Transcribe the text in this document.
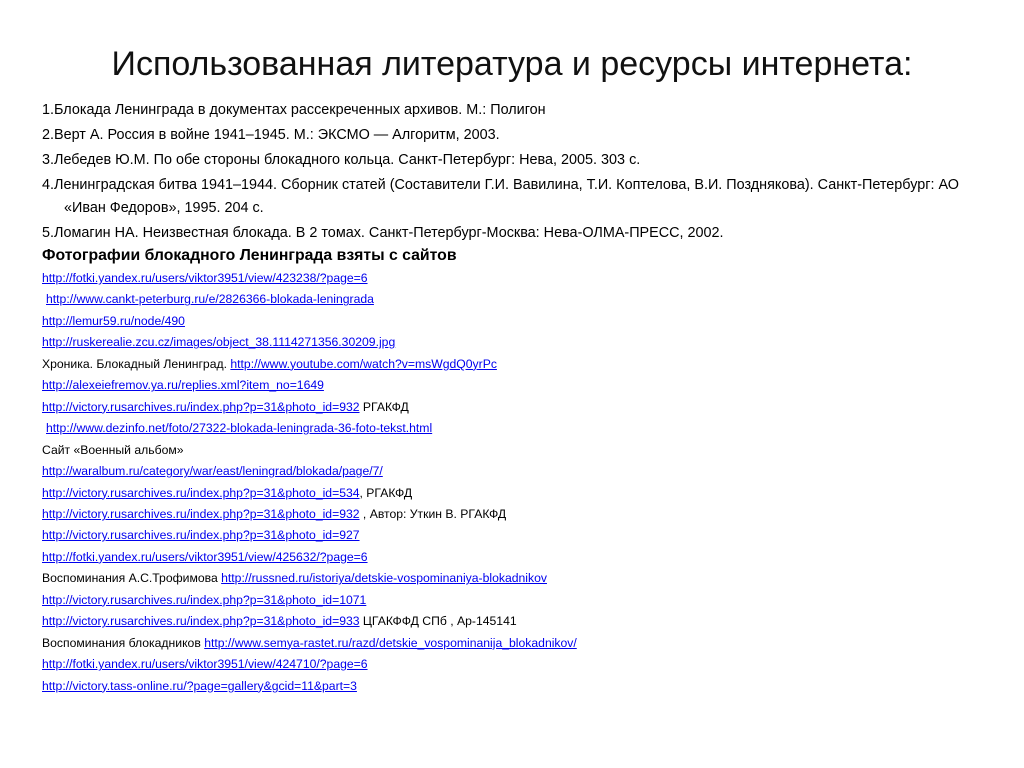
Использованная литература и ресурсы интернета:
1.Блокада Ленинграда в документах рассекреченных архивов. М.: Полигон
2.Верт А. Россия в войне 1941–1945. М.: ЭКСМО — Алгоритм, 2003.
3.Лебедев Ю.М. По обе стороны блокадного кольца. Санкт-Петербург: Нева, 2005. 303 с.
4.Ленинградская битва 1941–1944. Сборник статей (Составители Г.И. Вавилина, Т.И. Коптелова, В.И. Позднякова). Санкт-Петербург: АО «Иван Федоров», 1995. 204 с.
5.Ломагин НА. Неизвестная блокада. В 2 томах. Санкт-Петербург-Москва: Нева-ОЛМА-ПРЕСС, 2002.
Фотографии блокадного Ленинграда взяты с сайтов
http://fotki.yandex.ru/users/viktor3951/view/423238/?page=6
http://www.cankt-peterburg.ru/e/2826366-blokada-leningrada
http://lemur59.ru/node/490
http://ruskerealie.zcu.cz/images/object_38.1114271356.30209.jpg
Хроника. Блокадный Ленинград. http://www.youtube.com/watch?v=msWgdQ0yrPc
http://alexeiefremov.ya.ru/replies.xml?item_no=1649
http://victory.rusarchives.ru/index.php?p=31&photo_id=932 РГАКФД
http://www.dezinfo.net/foto/27322-blokada-leningrada-36-foto-tekst.html
Сайт «Военный альбом»
http://waralbum.ru/category/war/east/leningrad/blokada/page/7/
http://victory.rusarchives.ru/index.php?p=31&photo_id=534, РГАКФД
http://victory.rusarchives.ru/index.php?p=31&photo_id=932 , Автор: Уткин В. РГАКФД
http://victory.rusarchives.ru/index.php?p=31&photo_id=927
http://fotki.yandex.ru/users/viktor3951/view/425632/?page=6
Воспоминания А.С.Трофимова http://russned.ru/istoriya/detskie-vospominaniya-blokadnikov
http://victory.rusarchives.ru/index.php?p=31&photo_id=1071
http://victory.rusarchives.ru/index.php?p=31&photo_id=933 ЦГАКФФД СПб , Ар-145141
Воспоминания блокадников http://www.semya-rastet.ru/razd/detskie_vospominanija_blokadnikov/
http://fotki.yandex.ru/users/viktor3951/view/424710/?page=6
http://victory.tass-online.ru/?page=gallery&gcid=11&part=3
